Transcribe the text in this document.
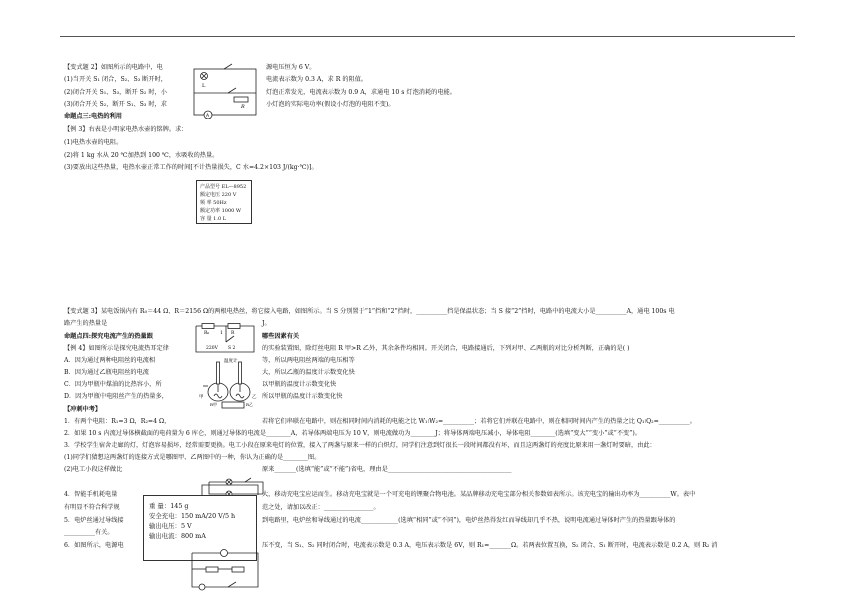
【变式题 2】如图所示的电路中，电	源电压恒为 6 V。
(1)当开关 S₁ 闭合，S₂、S₃ 断开时，	电流表示数为 0.3 A，求 R 的阻值。
(2)闭合开关 S₁、S₃，断开 S₂ 时，小	灯泡正常发光，电流表示数为 0.9 A，求通电 10 s 灯泡消耗的电能。
(3)闭合开关 S₂，断开 S₁、S₃ 时，求	小灯泡的实际电功率(假设小灯泡的电阻不变)。
L
R
A
命题点三:电热的利用
【例 3】右表是小明家电热水壶的铭牌。求：
(1)电热水壶的电阻。
(2)将 1 kg 水从 20 ℃加热到 100 ℃，水吸收的热量。
(3)要放出这些热量，电热水壶正常工作的时间[不计热量损失，C 水=4.2×103 J/(kg·℃)]。
产品型号 EL—8952
额定电压 220 V
频 率 50Hz
额定功率 1000 W
容 量 1.0 L
【变式题 3】某电饭锅内有 R₀＝44 Ω、R＝2156 Ω的两根电热丝，将它接入电路，如图所示。当 S 分别置于“1”挡和“2”挡时，__________挡是保温状态；当 S 接“2”挡时，电路中的电流大小是__________A，通电 100s 电
路产生的热量是	J。
命题点四:探究电流产生的热量跟	哪些因素有关
【例 4】如图所示是探究电流热耳定律	的实验装置图，除灯丝电阻 R 甲>R 乙外，其余条件均相同。开关闭合，电路接通后，下列对甲、乙两瓶的对比分析判断，正确的是( )
A．因为通过两种电阻丝的电流相	等，所以两电阻丝两端的电压相等
B．因为通过乙瓶电阻丝的电流	大，所以乙瓶的温度计示数变化快
C．因为甲瓶中煤油的比热容小，所	以甲瓶的温度计示数变化快
D．因为甲瓶中电阻丝产生的热量多，	所以甲瓶的温度计示数变化快
R₀	R
1
S 2
220V
温度计
甲	乙
R甲	R乙
【冲刺中考】
1．有两个电阻：R₁=3 Ω，R₂=4 Ω，	若将它们串联在电路中，则在相同时间内消耗的电能之比 W₁∶W₂=__________；若将它们并联在电路中，则在相同时间内产生的热量之比 Q₁∶Q₂=__________。
2．如果 10 s 内流过导体横截面的电荷量为 6 库仑，则通过导体的电流是________A，若导体两端电压为 10 V，则电流做功为________J；将导体两端电压减小，导体电阻________(选填“变大”“变小”或“不变”)。
3．学校学生宿舍走廊的灯，灯泡容易损坏，经常需要更换。电工小段在原来电灯的位置，接入了两盏与原来一样的白炽灯，同学们注意到灯很长一段时间都没有坏，而且这两盏灯的亮度比原来用一盏灯时要暗，由此：
(1)同学们猜想这两盏灯的连接方式是哪图甲、乙两图中的一种，你认为正确的是________图。
(2)电工小段这样做比	原来_______(选填“能”或“不能”)省电，理由是________________________________________
4．智能手机耗电量	大，移动充电宝应运而生。移动充电宝就是一个可充电的锂聚合物电池。某品牌移动充电宝部分相关参数如表所示。该充电宝的输出功率为__________W。表中
有明显不符合科学规	范之处，请加以改正：________________。
5．电炉丝通过导线接	到电路里，电炉丝和导线通过的电流____________(选填“相同”或“不同”)，电炉丝热得发红而导线却几乎不热，说明电流通过导体时产生的热量跟导体的
__________有关。
6．如图所示，电源电	压不变，当 S₁、S₂ 同时闭合时，电流表示数是 0.3 A，电压表示数是 6V，则 R₁=_______Ω。若两表位置互换，S₂ 闭合、S₁ 断开时，电流表示数是 0.2 A，则 R₂ 消
重 量：145 g
安全充电：150 mA/20 V/5 h
输出电压：5 V
输出电流：800 mA
